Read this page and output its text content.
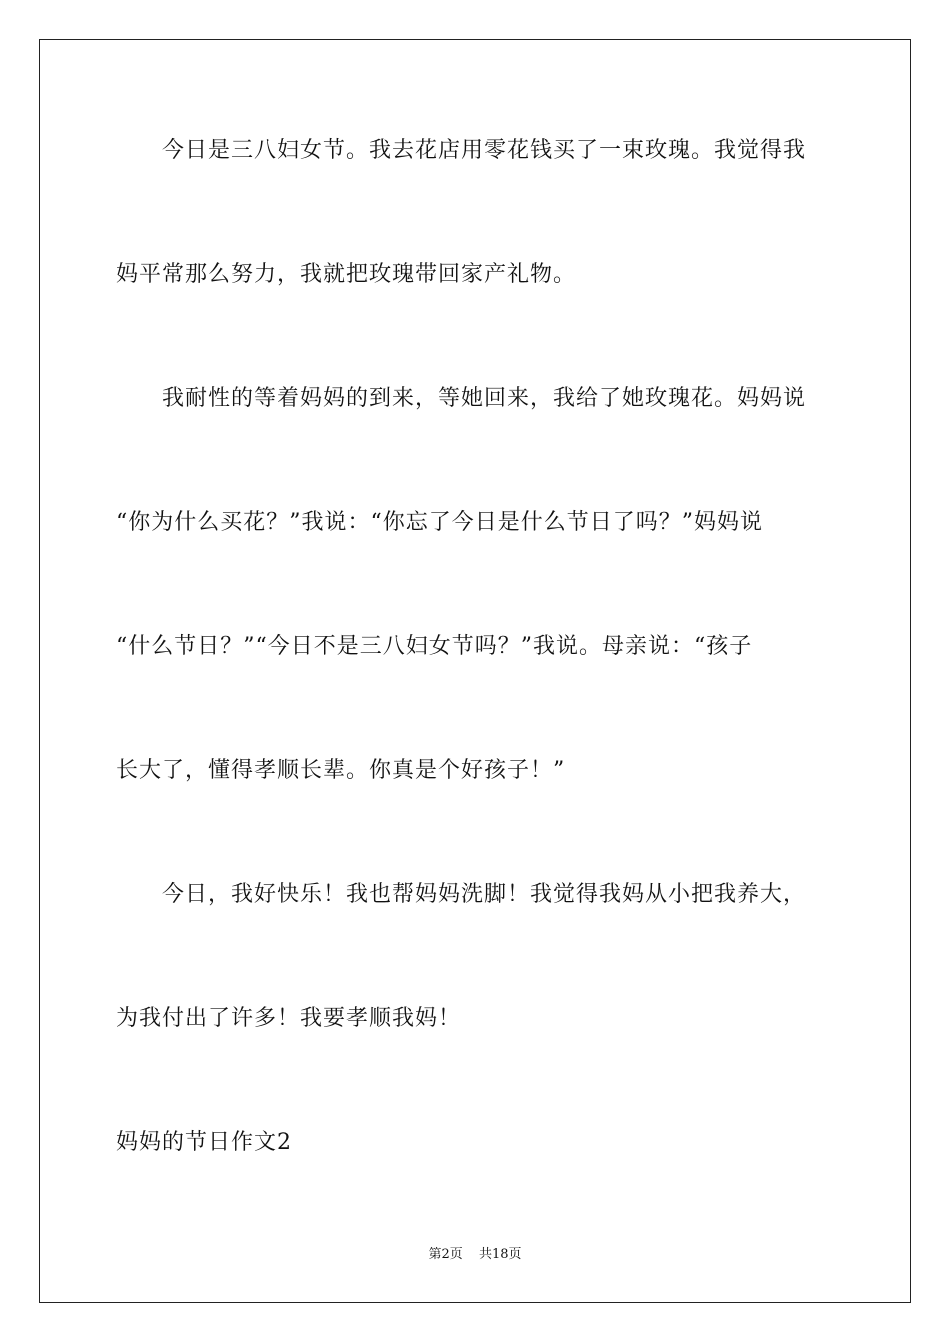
今日是三八妇女节。我去花店用零花钱买了一束玫瑰。我觉得我
妈平常那么努力，我就把玫瑰带回家产礼物。
我耐性的等着妈妈的到来，等她回来，我给了她玫瑰花。妈妈说
“你为什么买花？”我说：“你忘了今日是什么节日了吗？”妈妈说
“什么节日？”“今日不是三八妇女节吗？”我说。母亲说：“孩子
长大了，懂得孝顺长辈。你真是个好孩子！”
今日，我好快乐！我也帮妈妈洗脚！我觉得我妈从小把我养大，
为我付出了许多！我要孝顺我妈！
妈妈的节日作文2
第2页 共18页
